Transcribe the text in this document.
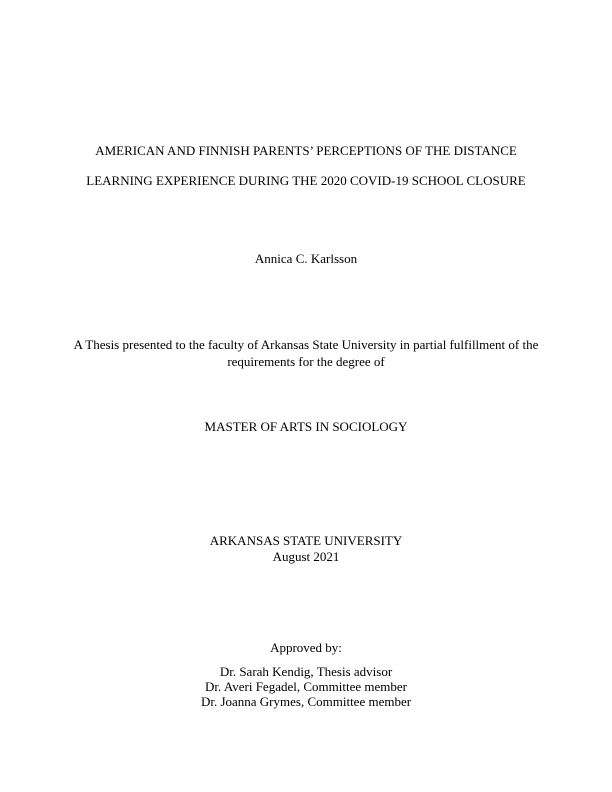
AMERICAN AND FINNISH PARENTS’ PERCEPTIONS OF THE DISTANCE
LEARNING EXPERIENCE DURING THE 2020 COVID-19 SCHOOL CLOSURE
Annica C. Karlsson
A Thesis presented to the faculty of Arkansas State University in partial fulfillment of the
requirements for the degree of
MASTER OF ARTS IN SOCIOLOGY
ARKANSAS STATE UNIVERSITY
August 2021
Approved by:
Dr. Sarah Kendig, Thesis advisor
Dr. Averi Fegadel, Committee member
Dr. Joanna Grymes, Committee member
